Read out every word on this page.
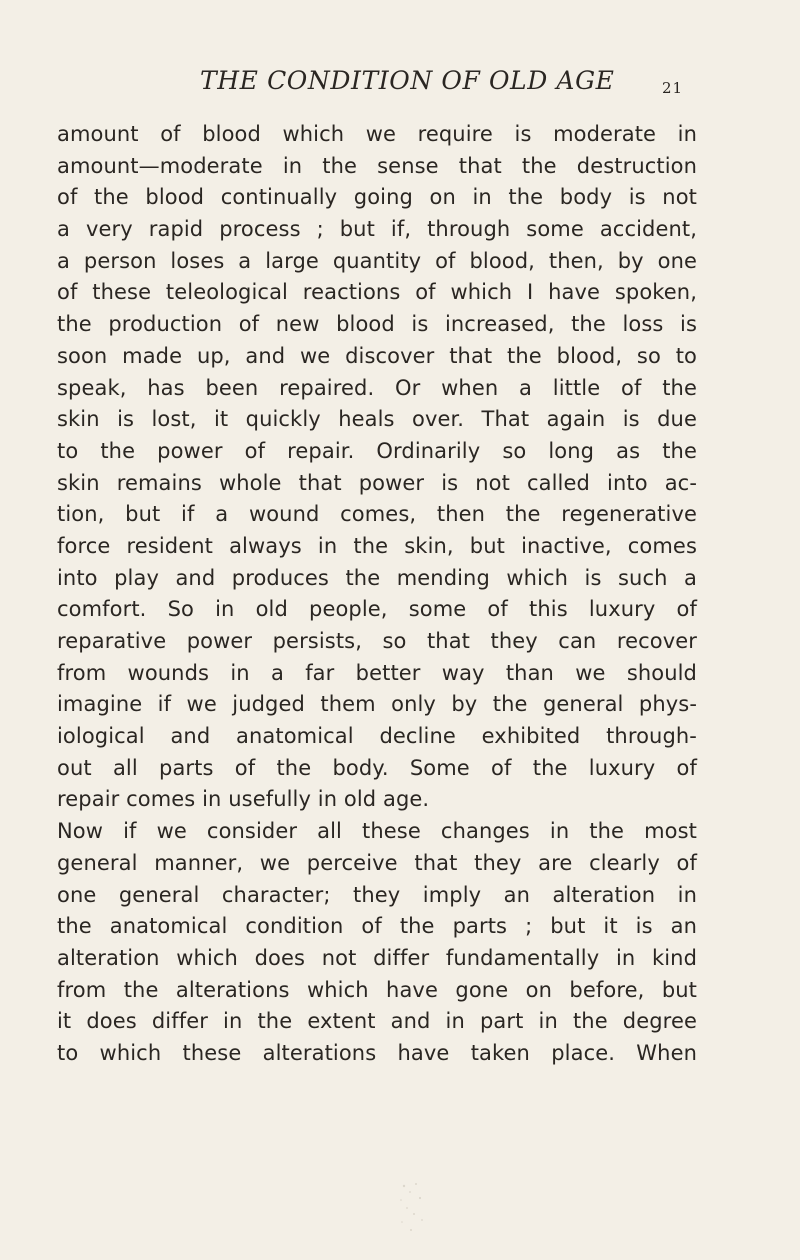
THE CONDITION OF OLD AGE	21
amount of blood which we require is moderate in
amount—moderate in the sense that the destruction
of the blood continually going on in the body is not
a very rapid process ; but if, through some accident,
a person loses a large quantity of blood, then, by one
of these teleological reactions of which I have spoken,
the production of new blood is increased, the loss is
soon made up, and we discover that the blood, so to
speak, has been repaired. Or when a little of the
skin is lost, it quickly heals over. That again is due
to the power of repair. Ordinarily so long as the
skin remains whole that power is not called into ac-
tion, but if a wound comes, then the regenerative
force resident always in the skin, but inactive, comes
into play and produces the mending which is such a
comfort. So in old people, some of this luxury of
reparative power persists, so that they can recover
from wounds in a far better way than we should
imagine if we judged them only by the general phys-
iological and anatomical decline exhibited through-
out all parts of the body. Some of the luxury of
repair comes in usefully in old age.
Now if we consider all these changes in the most
general manner, we perceive that they are clearly of
one general character; they imply an alteration in
the anatomical condition of the parts ; but it is an
alteration which does not differ fundamentally in kind
from the alterations which have gone on before, but
it does differ in the extent and in part in the degree
to which these alterations have taken place. When
